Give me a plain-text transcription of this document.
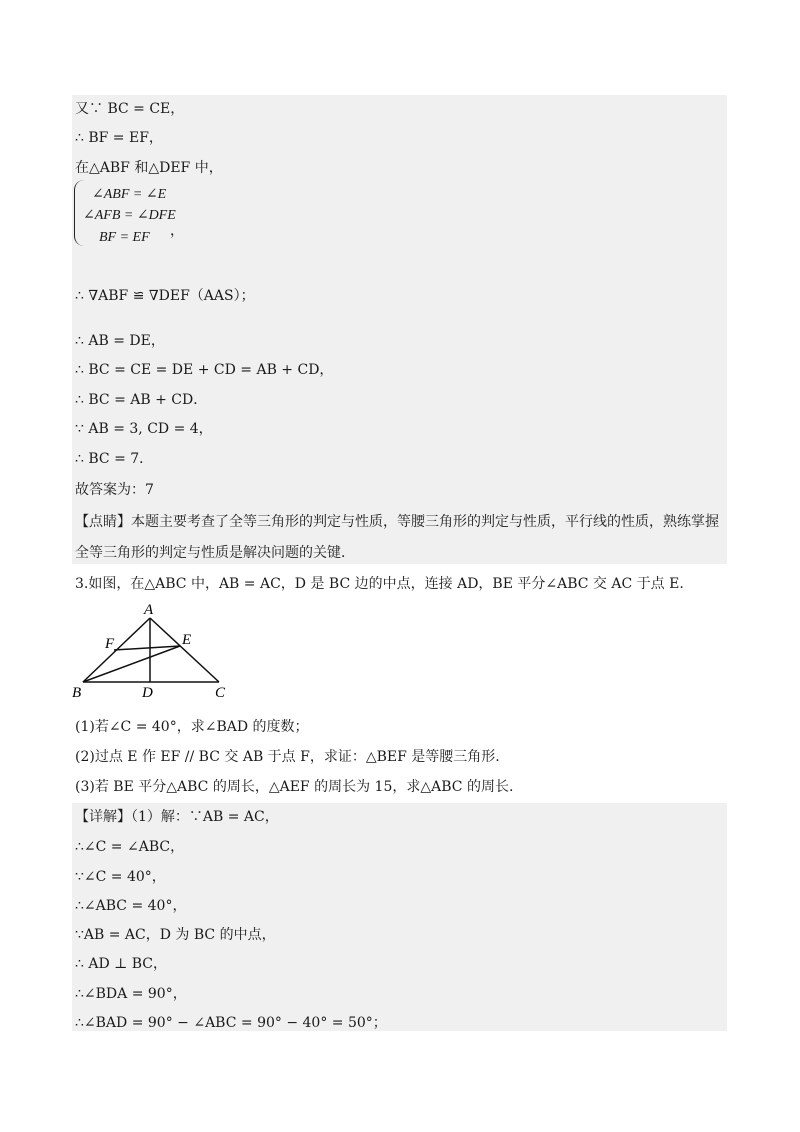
又∵ BC = CE，
∴ BF = EF，
在△ABF 和△DEF 中，
∠ABF = ∠E
∠AFB = ∠DFE
BF = EF ，
∴ ∇ABF ≌ ∇DEF（AAS）；
∴ AB = DE，
∴ BC = CE = DE + CD = AB + CD，
∴ BC = AB + CD．
∵ AB = 3, CD = 4，
∴ BC = 7．
故答案为：7
【点睛】本题主要考查了全等三角形的判定与性质，等腰三角形的判定与性质，平行线的性质，熟练掌握
全等三角形的判定与性质是解决问题的关键．
3.如图，在△ABC 中，AB = AC，D 是 BC 边的中点，连接 AD，BE 平分∠ABC 交 AC 于点 E.
A
F	E
B	D	C
(1)若∠C = 40°，求∠BAD 的度数；
(2)过点 E 作 EF // BC 交 AB 于点 F，求证：△BEF 是等腰三角形.
(3)若 BE 平分△ABC 的周长，△AEF 的周长为 15，求△ABC 的周长.
【详解】（1）解：∵AB = AC，
∴∠C = ∠ABC，
∵∠C = 40°，
∴∠ABC = 40°，
∵AB = AC，D 为 BC 的中点，
∴ AD ⊥ BC，
∴∠BDA = 90°，
∴∠BAD = 90° − ∠ABC = 90° − 40° = 50°；
